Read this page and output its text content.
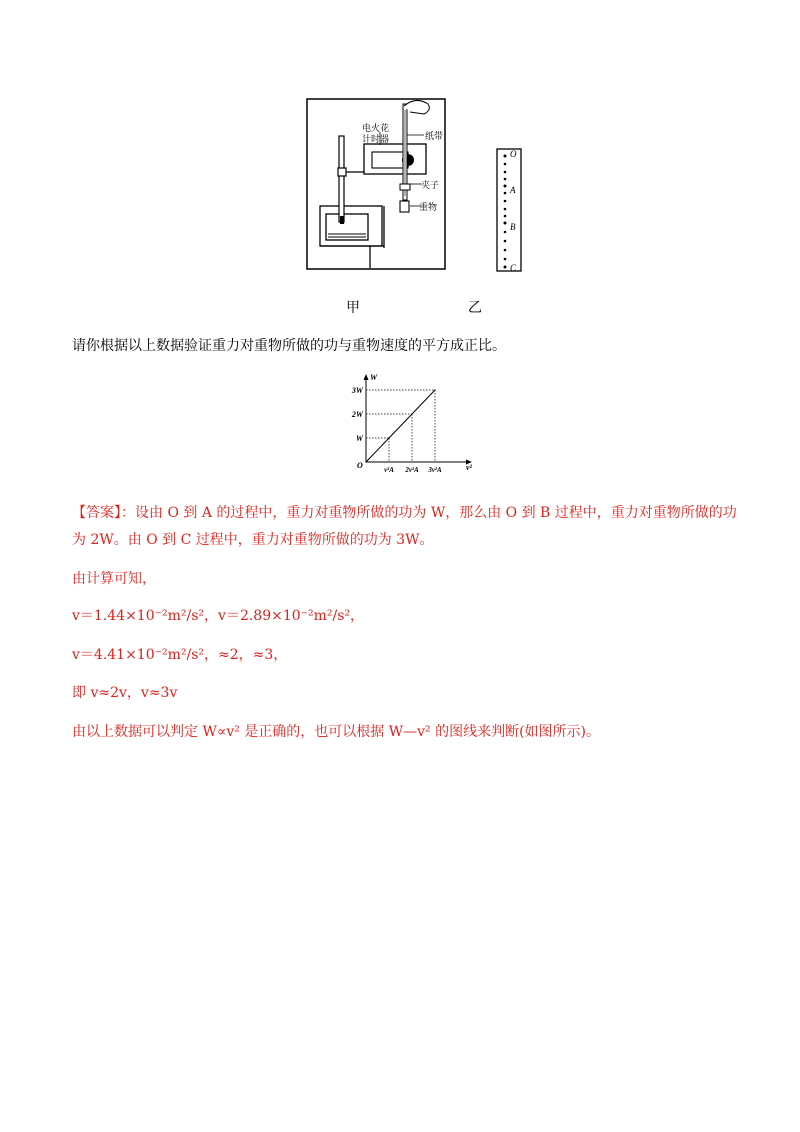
电火花
计时器	纸带
夹子
重物
O
A
B
C
甲	乙
请你根据以上数据验证重力对重物所做的功与重物速度的平方成正比。
W
v²
O
W
2W
3W
v²A 2v²A 3v²A
【答案】：设由 O 到 A 的过程中，重力对重物所做的功为 W，那么由 O 到 B 过程中，重力对重物所做的功
为 2W。由 O 到 C 过程中，重力对重物所做的功为 3W。
由计算可知，
v＝1.44×10⁻²m²/s²，v＝2.89×10⁻²m²/s²，
v＝4.41×10⁻²m²/s²，≈2，≈3，
即 v≈2v，v≈3v
由以上数据可以判定 W∝v² 是正确的，也可以根据 W—v² 的图线来判断(如图所示)。
